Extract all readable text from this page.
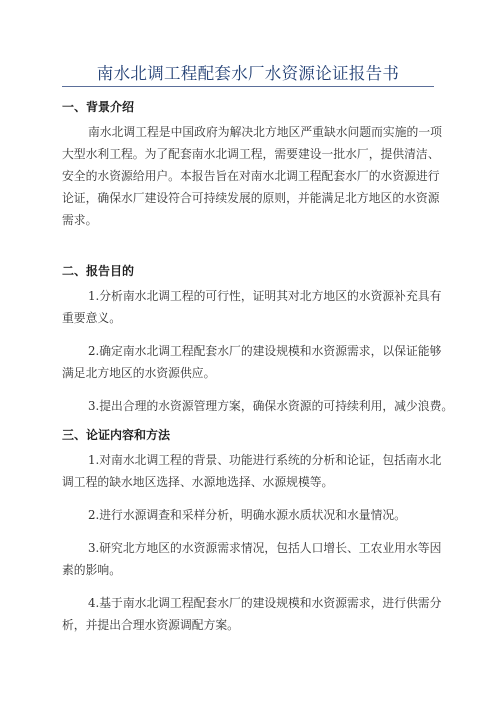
南水北调工程配套水厂水资源论证报告书
一、背景介绍
南水北调工程是中国政府为解决北方地区严重缺水问题而实施的一项
大型水利工程。为了配套南水北调工程，需要建设一批水厂，提供清洁、
安全的水资源给用户。本报告旨在对南水北调工程配套水厂的水资源进行
论证，确保水厂建设符合可持续发展的原则，并能满足北方地区的水资源
需求。
二、报告目的
1.分析南水北调工程的可行性，证明其对北方地区的水资源补充具有
重要意义。
2.确定南水北调工程配套水厂的建设规模和水资源需求，以保证能够
满足北方地区的水资源供应。
3.提出合理的水资源管理方案，确保水资源的可持续利用，减少浪费。
三、论证内容和方法
1.对南水北调工程的背景、功能进行系统的分析和论证，包括南水北
调工程的缺水地区选择、水源地选择、水源规模等。
2.进行水源调查和采样分析，明确水源水质状况和水量情况。
3.研究北方地区的水资源需求情况，包括人口增长、工农业用水等因
素的影响。
4.基于南水北调工程配套水厂的建设规模和水资源需求，进行供需分
析，并提出合理水资源调配方案。
